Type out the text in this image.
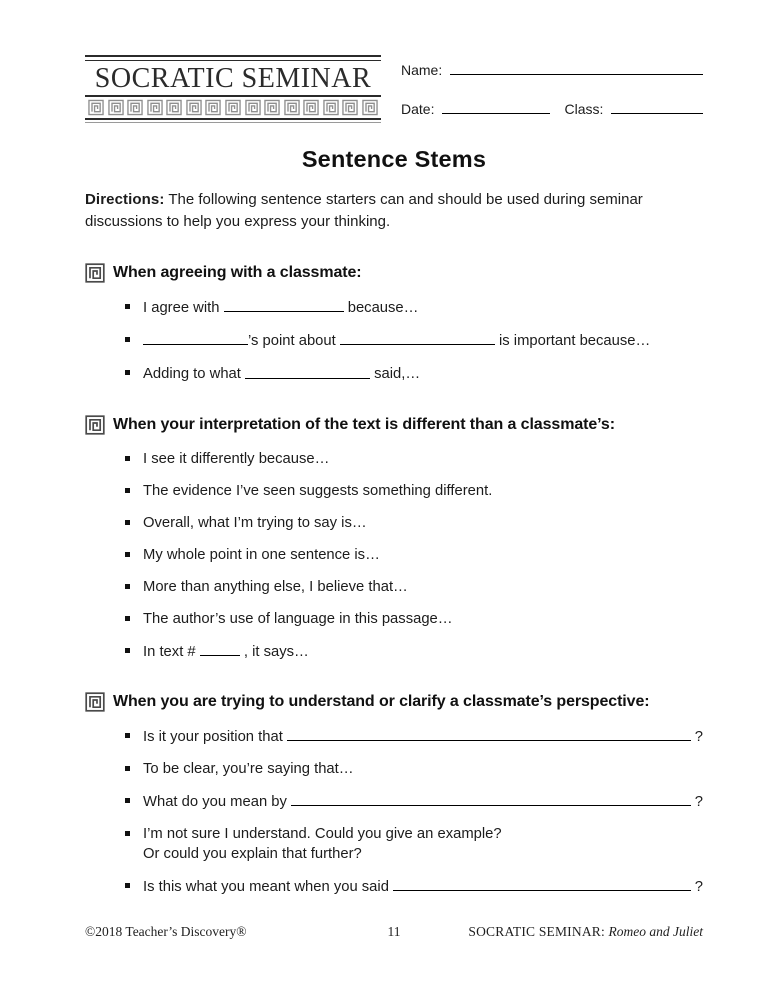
SOCRATIC SEMINAR	Name:
Date:	Class:
Sentence Stems

Directions: The following sentence starters can and should be used during seminar discussions to help you express your thinking.

When agreeing with a classmate:
I agree with	because…
’s point about	is important because…
Adding to what	said,…
When your interpretation of the text is different than a classmate’s:
I see it differently because…
The evidence I’ve seen suggests something different.
Overall, what I’m trying to say is…
My whole point in one sentence is…
More than anything else, I believe that…
The author’s use of language in this passage…
In text #	, it says…
When you are trying to understand or clarify a classmate’s perspective:
Is it your position that	?
To be clear, you’re saying that…
What do you mean by	?
I’m not sure I understand. Could you give an example?
Or could you explain that further?
Is this what you meant when you said	?
©2018 Teacher’s Discovery®	11	SOCRATIC SEMINAR: Romeo and Juliet
